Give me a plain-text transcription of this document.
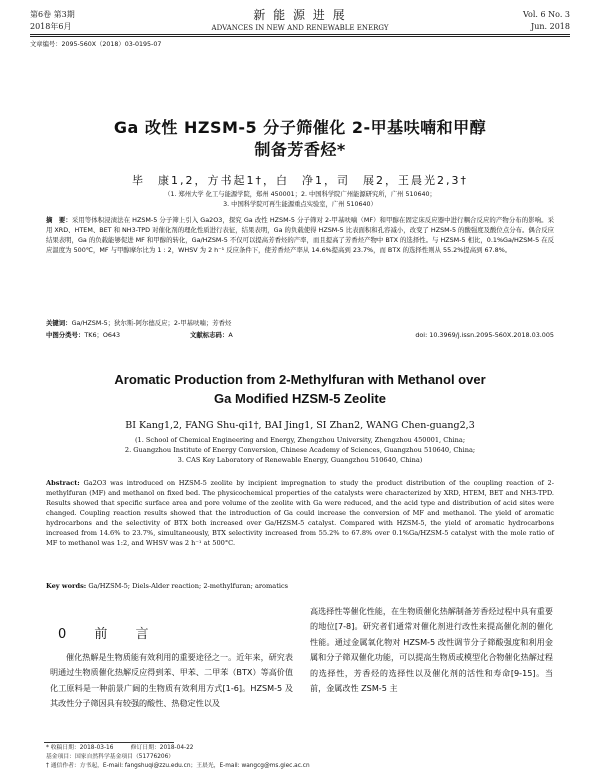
第6卷 第3期
2018年6月
新 能 源 进 展
ADVANCES IN NEW AND RENEWABLE ENERGY
Vol. 6 No. 3
Jun. 2018
文章编号：2095-560X（2018）03-0195-07
Ga 改性 HZSM-5 分子筛催化 2-甲基呋喃和甲醇
制备芳香烃*
毕　康1,2，方书起1†，白　净1，司　展2，王晨光2,3†
（1. 郑州大学 化工与能源学院，郑州 450001；2. 中国科学院广州能源研究所，广州 510640；
3. 中国科学院可再生能源重点实验室，广州 510640）
摘　要：采用等体积浸渍法在 HZSM-5 分子筛上引入 Ga2O3，探究 Ga 改性 HZSM-5 分子筛对 2-甲基呋喃（MF）和甲醇在固定床反应器中进行耦合反应的产物分布的影响。采用 XRD、HTEM、BET 和 NH3-TPD 对催化剂的理化性质进行表征，结果表明，Ga 的负载使得 HZSM-5 比表面积和孔容减小，改变了 HZSM-5 的酸强度及酸位点分布。偶合反应结果表明，Ga 的负载能够促进 MF 和甲醇的转化，Ga/HZSM-5 不仅可以提高芳香烃的产率，而且提高了芳香烃产物中 BTX 的选择性。与 HZSM-5 相比，0.1%Ga/HZSM-5 在反应温度为 500℃，MF 与甲醇摩尔比为 1 : 2，WHSV 为 2 h⁻¹ 反应条件下，使芳香烃产率从 14.6%提高到 23.7%，而 BTX 的选择性则从 55.2%提高到 67.8%。
关键词：Ga/HZSM-5；狄尔斯-阿尔德反应；2-甲基呋喃；芳香烃
中图分类号：TK6；O643	文献标志码：A	doi: 10.3969/j.issn.2095-560X.2018.03.005
Aromatic Production from 2-Methylfuran with Methanol over
Ga Modified HZSM-5 Zeolite
BI Kang1,2, FANG Shu-qi1†, BAI Jing1, SI Zhan2, WANG Chen-guang2,3
(1. School of Chemical Engineering and Energy, Zhengzhou University, Zhengzhou 450001, China;
2. Guangzhou Institute of Energy Conversion, Chinese Academy of Sciences, Guangzhou 510640, China;
3. CAS Key Laboratory of Renewable Energy, Guangzhou 510640, China)
Abstract: Ga2O3 was introduced on HZSM-5 zeolite by incipient impregnation to study the product distribution of the coupling reaction of 2-methylfuran (MF) and methanol on fixed bed. The physicochemical properties of the catalysts were characterized by XRD, HTEM, BET and NH3-TPD. Results showed that specific surface area and pore volume of the zeolite with Ga were reduced, and the acid type and distribution of acid sites were changed. Coupling reaction results showed that the introduction of Ga could increase the conversion of MF and methanol. The yield of aromatic hydrocarbons and the selectivity of BTX both increased over Ga/HZSM-5 catalyst. Compared with HZSM-5, the yield of aromatic hydrocarbons increased from 14.6% to 23.7%, simultaneously, BTX selectivity increased from 55.2% to 67.8% over 0.1%Ga/HZSM-5 catalyst with the mole ratio of MF to methanol was 1:2, and WHSV was 2 h⁻¹ at 500°C.
Key words: Ga/HZSM-5; Diels-Alder reaction; 2-methylfuran; aromatics
0 前 言
催化热解是生物质能有效利用的重要途径之一。近年来，研究表明通过生物质催化热解反应得到苯、甲苯、二甲苯（BTX）等高价值化工原料是一种前景广阔的生物质有效利用方式[1-6]。HZSM-5 及其改性分子筛因具有较强的酸性、热稳定性以及
高选择性等催化性能，在生物质催化热解制备芳香烃过程中具有重要的地位[7-8]。研究者们通常对催化剂进行改性来提高催化剂的催化性能。通过金属氧化物对 HZSM-5 改性调节分子筛酸强度和利用金属和分子筛双催化功能，可以提高生物质或模型化合物催化热解过程的选择性，芳香烃的选择性以及催化剂的活性和寿命[9-15]。当前，金属改性 ZSM-5 主
* 收稿日期：2018-03-16　　　修订日期：2018-04-22
基金项目：国家自然科学基金项目（51776206）
† 通信作者：方书起，E-mail: fangshuqi@zzu.edu.cn；王晨光，E-mail: wangcg@ms.giec.ac.cn
